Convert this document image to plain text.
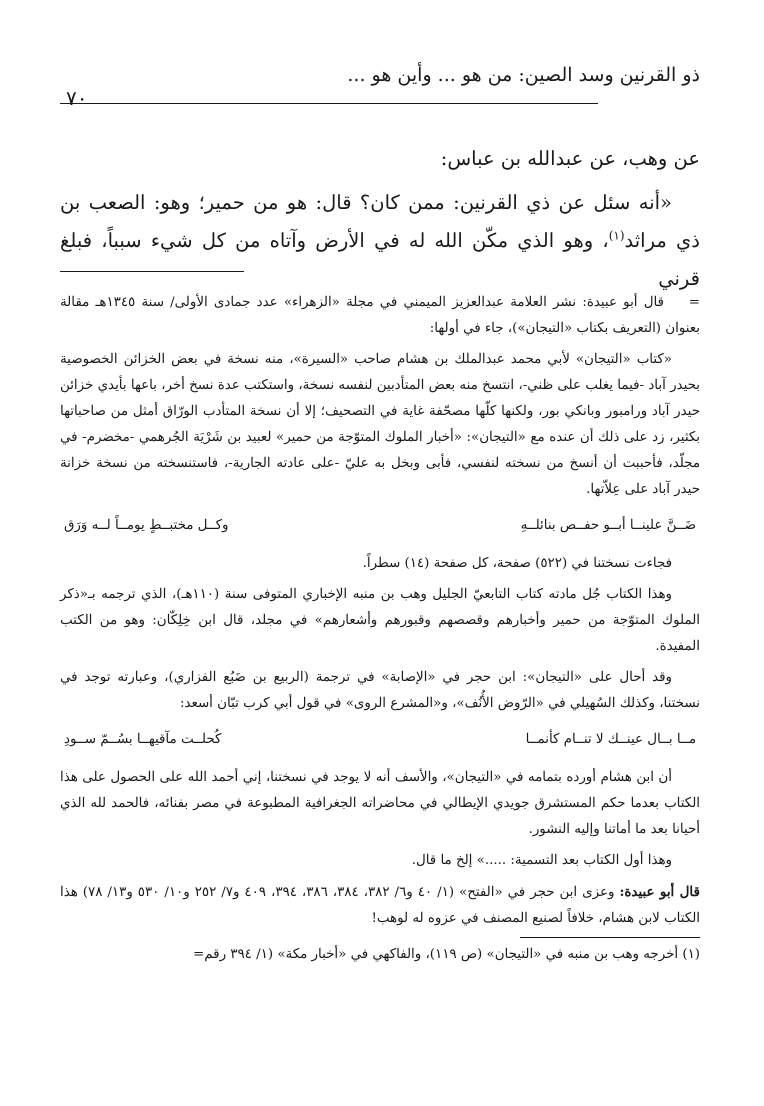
ذو القرنين وسد الصين: من هو ... وأين هو ...
٧٠

عن وهب، عن عبدالله بن عباس:

«أنه سئل عن ذي القرنين: ممن كان؟ قال: هو من حمير؛ وهو: الصعب بن ذي مراثد$^{(١)}$، وهو الذي مكّن الله له في الأرض وآتاه من كل شيء سبباً، فبلغ قرني

=    قال أبو عبيدة: نشر العلامة عبدالعزيز الميمني في مجلة «الزهراء» عدد جمادى الأولى/ سنة ١٣٤٥هـ مقالة بعنوان (التعريف بكتاب «التيجان»)، جاء في أولها:

«كتاب «التيجان» لأبي محمد عبدالملك بن هشام صاحب «السيرة»، منه نسخة في بعض الخزائن الخصوصية بحيدر آباد -فيما يغلب على ظني-، انتسخ منه بعض المتأدبين لنفسه نسخة، واستكتب عدة نسخ أخر، باعها بأيدي خزائن حيدر آباد ورامبور وبانكي بور، ولكنها كلّها مصحّفة غاية في التصحيف؛ إلا أن نسخة المتأدب الورّاق أمثل من صاحباتها بكثير، زد على ذلك أن عنده مع «التيجان»: «أخبار الملوك المتوّجة من حمير» لعبيد بن شَرْيَة الجُرهمي -مخضرم- في مجلّد، فأحببت أن أنسخ من نسخته لنفسي، فأبى وبخل به عليّ -على عادته الجارية-، فاستنسخته من نسخة خزانة حيدر آباد على عِلاّتها.

ضَــنَّ علينــا أبــو حفــص بنائلــهِ
وكــل مختبــطٍ يومــاً لــه وَرَق

فجاءت نسختنا في (٥٢٢) صفحة، كل صفحة (١٤) سطراً.

وهذا الكتاب جُل مادته كتاب التابعيّ الجليل وهب بن منبه الإخباري المتوفى سنة (١١٠هـ)، الذي ترجمه بـ«ذكر الملوك المتوّجة من حمير وأخبارهم وقصصهم وقبورهم وأشعارهم» في مجلد، قال ابن خِلِكّان: وهو من الكتب المفيدة.

وقد أحال على «التيجان»: ابن حجر في «الإصابة» في ترجمة (الربيع بن ضَبُع الفزاري)، وعبارته توجد في نسختنا، وكذلك السُهيلي في «الرّوض الأُنُف»، و«المشرع الروى» في قول أبي كرب تبّان أسعد:

مــا بــال عينــك لا تنــام كأنمــا
كُحلــت مآقيهــا بسُــمّ ســودِ

أن ابن هشام أورده بتمامه في «التيجان»، والأسف أنه لا يوجد في نسختنا، إني أحمد الله على الحصول على هذا الكتاب بعدما حكم المستشرق جويدي الإيطالي في محاضراته الجغرافية المطبوعة في مصر بفنائه، فالحمد لله الذي أحيانا بعد ما أماتنا وإليه النشور.

وهذا أول الكتاب بعد التسمية: .....» إلخ ما قال.

قال أبو عبيدة: وعزى ابن حجر في «الفتح» (١/ ٤٠ و٦/ ٣٨٢، ٣٨٤، ٣٨٦، ٣٩٤، ٤٠٩ و٧/ ٢٥٢ و١٠/ ٥٣٠ و١٣/ ٧٨) هذا الكتاب لابن هشام، خلافاً لصنيع المصنف في عزوه له لوهب!

(١) أخرجه وهب بن منبه في «التيجان» (ص ١١٩)، والفاكهي في «أخبار مكة» (١/ ٣٩٤ رقم=
